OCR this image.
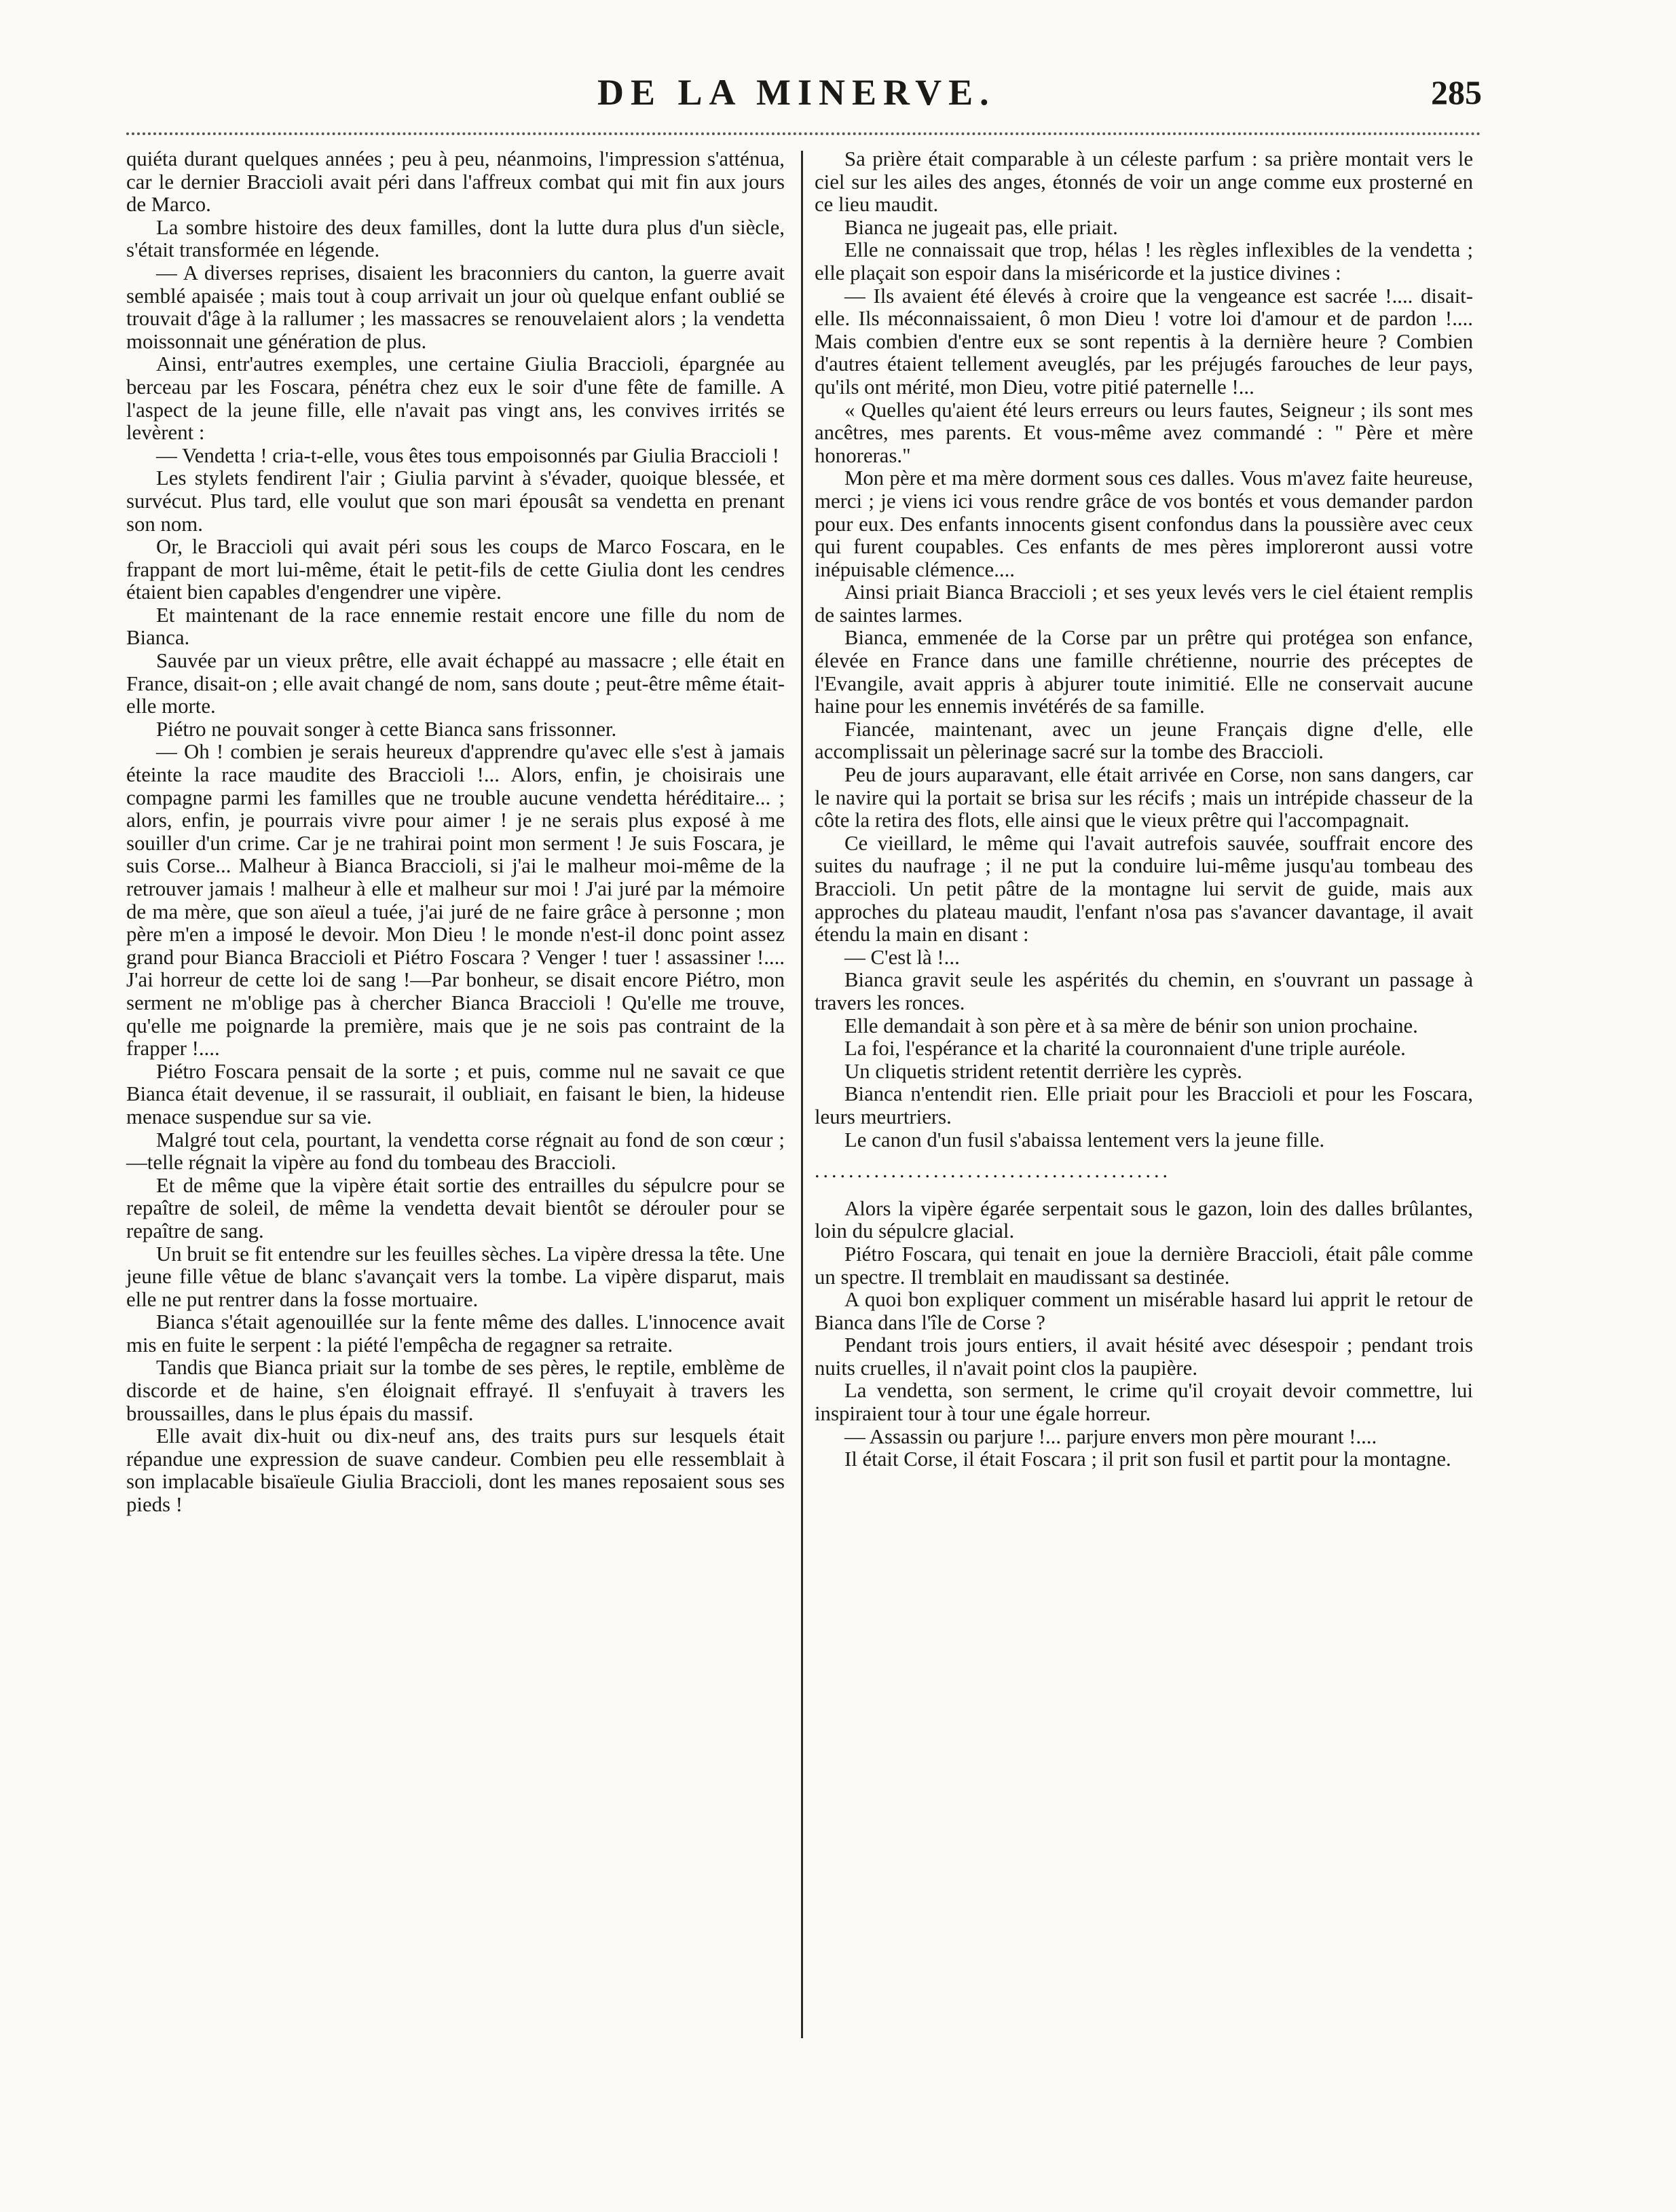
DE LA MINERVE.	285

quiéta durant quelques années ; peu à peu, néanmoins, l'impression s'atténua, car le dernier Braccioli avait péri dans l'affreux combat qui mit fin aux jours de Marco.

La sombre histoire des deux familles, dont la lutte dura plus d'un siècle, s'était transformée en légende.

— A diverses reprises, disaient les braconniers du canton, la guerre avait semblé apaisée ; mais tout à coup arrivait un jour où quelque enfant oublié se trouvait d'âge à la rallumer ; les massacres se renouvelaient alors ; la vendetta moissonnait une génération de plus.

Ainsi, entr'autres exemples, une certaine Giulia Braccioli, épargnée au berceau par les Foscara, pénétra chez eux le soir d'une fête de famille. A l'aspect de la jeune fille, elle n'avait pas vingt ans, les convives irrités se levèrent :

— Vendetta ! cria-t-elle, vous êtes tous empoisonnés par Giulia Braccioli !

Les stylets fendirent l'air ; Giulia parvint à s'évader, quoique blessée, et survécut. Plus tard, elle voulut que son mari épousât sa vendetta en prenant son nom.

Or, le Braccioli qui avait péri sous les coups de Marco Foscara, en le frappant de mort lui-même, était le petit-fils de cette Giulia dont les cendres étaient bien capables d'engendrer une vipère.

Et maintenant de la race ennemie restait encore une fille du nom de Bianca.

Sauvée par un vieux prêtre, elle avait échappé au massacre ; elle était en France, disait-on ; elle avait changé de nom, sans doute ; peut-être même était-elle morte.

Piétro ne pouvait songer à cette Bianca sans frissonner.

— Oh ! combien je serais heureux d'apprendre qu'avec elle s'est à jamais éteinte la race maudite des Braccioli !... Alors, enfin, je choisirais une compagne parmi les familles que ne trouble aucune vendetta héréditaire... ; alors, enfin, je pourrais vivre pour aimer ! je ne serais plus exposé à me souiller d'un crime. Car je ne trahirai point mon serment ! Je suis Foscara, je suis Corse... Malheur à Bianca Braccioli, si j'ai le malheur moi-même de la retrouver jamais ! malheur à elle et malheur sur moi ! J'ai juré par la mémoire de ma mère, que son aïeul a tuée, j'ai juré de ne faire grâce à personne ; mon père m'en a imposé le devoir. Mon Dieu ! le monde n'est-il donc point assez grand pour Bianca Braccioli et Piétro Foscara ? Venger ! tuer ! assassiner !.... J'ai horreur de cette loi de sang !—Par bonheur, se disait encore Piétro, mon serment ne m'oblige pas à chercher Bianca Braccioli ! Qu'elle me trouve, qu'elle me poignarde la première, mais que je ne sois pas contraint de la frapper !....

Piétro Foscara pensait de la sorte ; et puis, comme nul ne savait ce que Bianca était devenue, il se rassurait, il oubliait, en faisant le bien, la hideuse menace suspendue sur sa vie.

Malgré tout cela, pourtant, la vendetta corse régnait au fond de son cœur ;—telle régnait la vipère au fond du tombeau des Braccioli.

Et de même que la vipère était sortie des entrailles du sépulcre pour se repaître de soleil, de même la vendetta devait bientôt se dérouler pour se repaître de sang.

Un bruit se fit entendre sur les feuilles sèches. La vipère dressa la tête. Une jeune fille vêtue de blanc s'avançait vers la tombe. La vipère disparut, mais elle ne put rentrer dans la fosse mortuaire.

Bianca s'était agenouillée sur la fente même des dalles. L'innocence avait mis en fuite le serpent : la piété l'empêcha de regagner sa retraite.

Tandis que Bianca priait sur la tombe de ses pères, le reptile, emblème de discorde et de haine, s'en éloignait effrayé. Il s'enfuyait à travers les broussailles, dans le plus épais du massif.

Elle avait dix-huit ou dix-neuf ans, des traits purs sur lesquels était répandue une expression de suave candeur. Combien peu elle ressemblait à son implacable bisaïeule Giulia Braccioli, dont les manes reposaient sous ses pieds !

Sa prière était comparable à un céleste parfum : sa prière montait vers le ciel sur les ailes des anges, étonnés de voir un ange comme eux prosterné en ce lieu maudit.

Bianca ne jugeait pas, elle priait.

Elle ne connaissait que trop, hélas ! les règles inflexibles de la vendetta ; elle plaçait son espoir dans la miséricorde et la justice divines :

— Ils avaient été élevés à croire que la vengeance est sacrée !.... disait-elle. Ils méconnaissaient, ô mon Dieu ! votre loi d'amour et de pardon !.... Mais combien d'entre eux se sont repentis à la dernière heure ? Combien d'autres étaient tellement aveuglés, par les préjugés farouches de leur pays, qu'ils ont mérité, mon Dieu, votre pitié paternelle !...

« Quelles qu'aient été leurs erreurs ou leurs fautes, Seigneur ; ils sont mes ancêtres, mes parents. Et vous-même avez commandé : " Père et mère honoreras."

Mon père et ma mère dorment sous ces dalles. Vous m'avez faite heureuse, merci ; je viens ici vous rendre grâce de vos bontés et vous demander pardon pour eux. Des enfants innocents gisent confondus dans la poussière avec ceux qui furent coupables. Ces enfants de mes pères imploreront aussi votre inépuisable clémence....

Ainsi priait Bianca Braccioli ; et ses yeux levés vers le ciel étaient remplis de saintes larmes.

Bianca, emmenée de la Corse par un prêtre qui protégea son enfance, élevée en France dans une famille chrétienne, nourrie des préceptes de l'Evangile, avait appris à abjurer toute inimitié. Elle ne conservait aucune haine pour les ennemis invétérés de sa famille.

Fiancée, maintenant, avec un jeune Français digne d'elle, elle accomplissait un pèlerinage sacré sur la tombe des Braccioli.

Peu de jours auparavant, elle était arrivée en Corse, non sans dangers, car le navire qui la portait se brisa sur les récifs ; mais un intrépide chasseur de la côte la retira des flots, elle ainsi que le vieux prêtre qui l'accompagnait.

Ce vieillard, le même qui l'avait autrefois sauvée, souffrait encore des suites du naufrage ; il ne put la conduire lui-même jusqu'au tombeau des Braccioli. Un petit pâtre de la montagne lui servit de guide, mais aux approches du plateau maudit, l'enfant n'osa pas s'avancer davantage, il avait étendu la main en disant :

— C'est là !...

Bianca gravit seule les aspérités du chemin, en s'ouvrant un passage à travers les ronces.

Elle demandait à son père et à sa mère de bénir son union prochaine.

La foi, l'espérance et la charité la couronnaient d'une triple auréole.

Un cliquetis strident retentit derrière les cyprès.

Bianca n'entendit rien. Elle priait pour les Braccioli et pour les Foscara, leurs meurtriers.

Le canon d'un fusil s'abaissa lentement vers la jeune fille.

..........................................

Alors la vipère égarée serpentait sous le gazon, loin des dalles brûlantes, loin du sépulcre glacial.

Piétro Foscara, qui tenait en joue la dernière Braccioli, était pâle comme un spectre. Il tremblait en maudissant sa destinée.

A quoi bon expliquer comment un misérable hasard lui apprit le retour de Bianca dans l'île de Corse ?

Pendant trois jours entiers, il avait hésité avec désespoir ; pendant trois nuits cruelles, il n'avait point clos la paupière.

La vendetta, son serment, le crime qu'il croyait devoir commettre, lui inspiraient tour à tour une égale horreur.

— Assassin ou parjure !... parjure envers mon père mourant !....

Il était Corse, il était Foscara ; il prit son fusil et partit pour la montagne.
